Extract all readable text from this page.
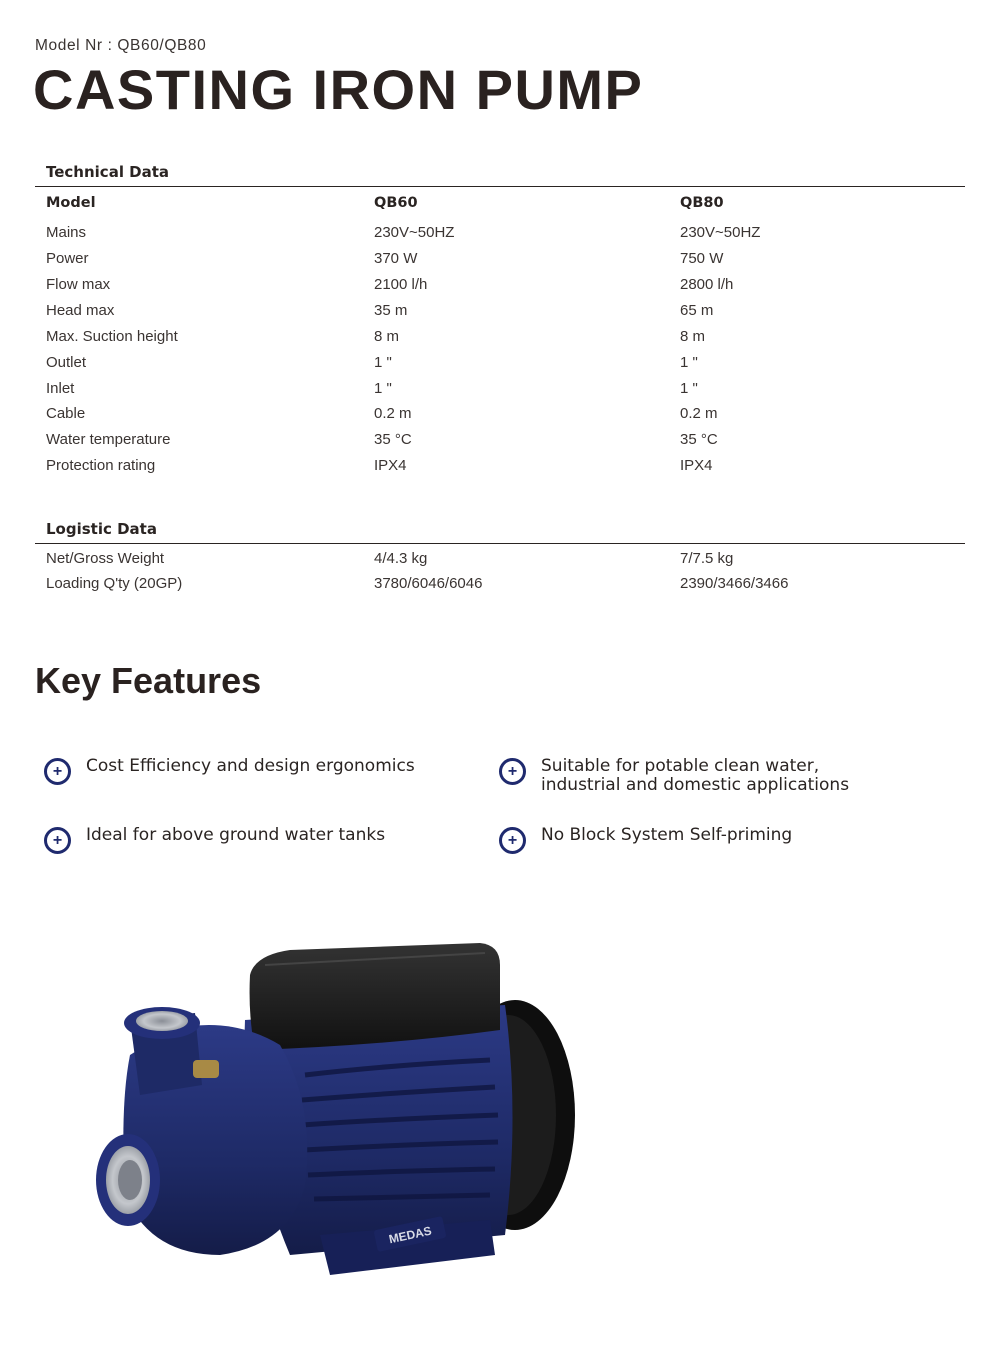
Model Nr : QB60/QB80
CASTING IRON PUMP
Technical Data
Model	QB60	QB80
Mains	230V~50HZ	230V~50HZ
Power	370 W	750 W
Flow max	2100 l/h	2800 l/h
Head max	35 m	65 m
Max. Suction height	8 m	8 m
Outlet	1 "	1 "
Inlet	1 "	1 "
Cable	0.2 m	0.2 m
Water temperature	35 °C	35 °C
Protection rating	IPX4	IPX4
Logistic Data
Net/Gross Weight	4/4.3 kg	7/7.5 kg
Loading Q'ty (20GP)	3780/6046/6046	2390/3466/3466
Key Features
+	Cost Efficiency and design ergonomics	+	Suitable for potable clean water,
industrial and domestic applications
+	Ideal for above ground water tanks	+	No Block System Self-priming
MEDAS
